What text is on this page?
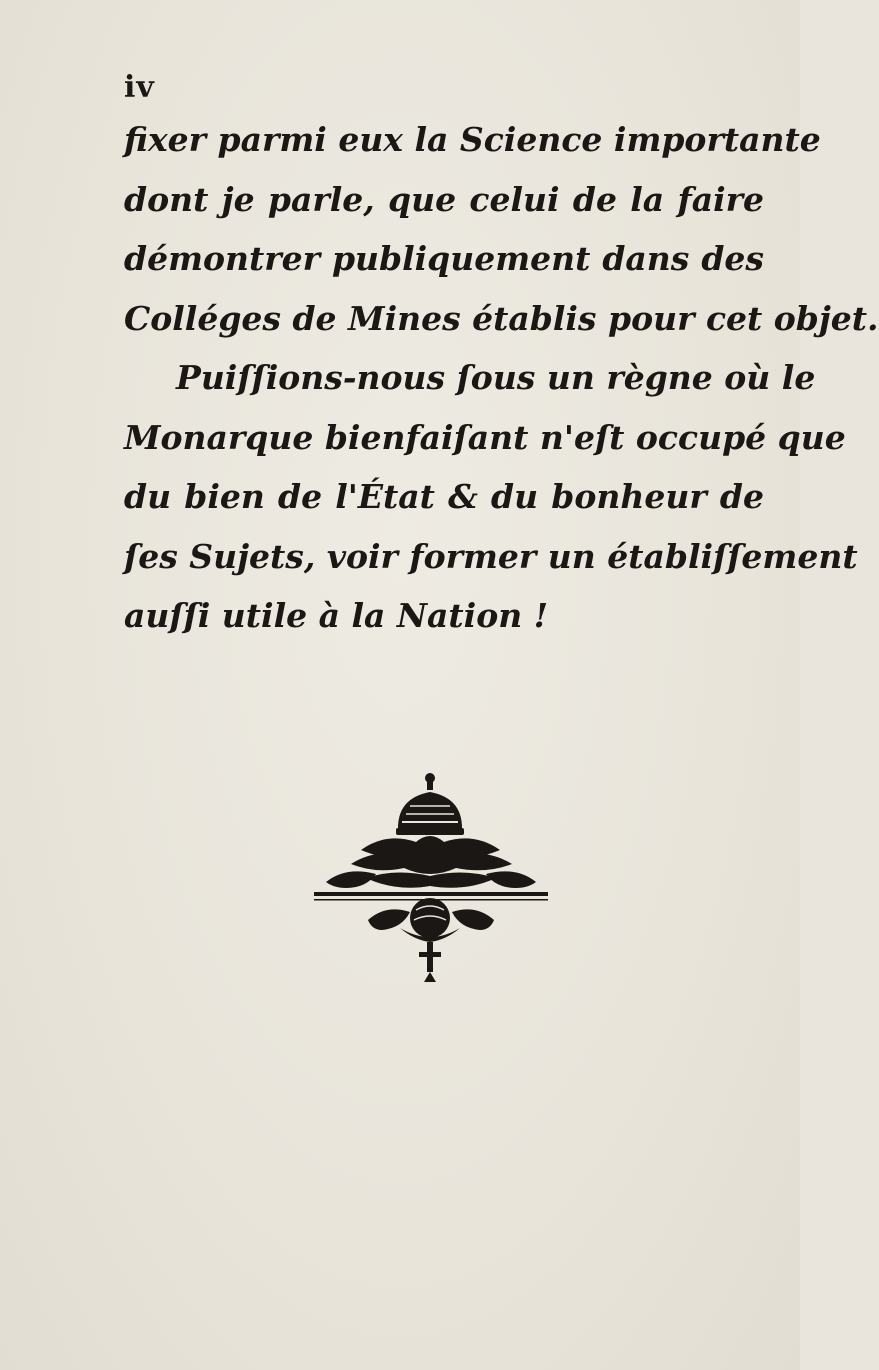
iv
fixer parmi eux la Science importante
dont je parle, que celui de la faire
démontrer publiquement dans des
Colléges de Mines établis pour cet objet.
Puiſſions-nous ſous un règne où le
Monarque bienfaiſant n'eſt occupé que
du bien de l'État & du bonheur de
ſes Sujets, voir former un établiſſement
auſſi utile à la Nation !
